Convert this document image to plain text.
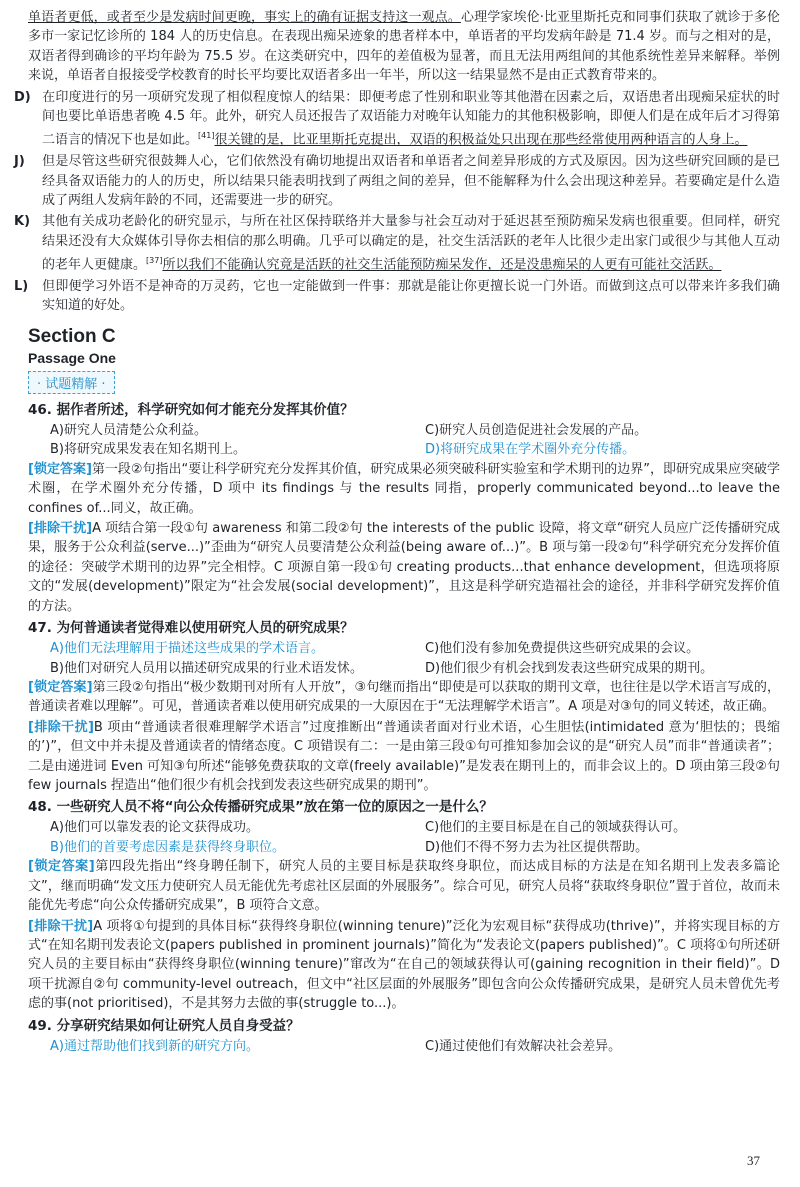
单语者更低，或者至少是发病时间更晚，事实上的确有证据支持这一观点。心理学家埃伦·比亚里斯托克和同事们获取了就诊于多伦多市一家记忆诊所的 184 人的历史信息。在表现出痴呆迹象的患者样本中，单语者的平均发病年龄是 71.4 岁。而与之相对的是，双语者得到确诊的平均年龄为 75.5 岁。在这类研究中，四年的差值极为显著，而且无法用两组间的其他系统性差异来解释。举例来说，单语者自报接受学校教育的时长平均要比双语者多出一年半，所以这一结果显然不是由正式教育带来的。

D) 在印度进行的另一项研究发现了相似程度惊人的结果：即便考虑了性别和职业等其他潜在因素之后，双语患者出现痴呆症状的时间也要比单语患者晚 4.5 年。此外，研究人员还报告了双语能力对晚年认知能力的其他积极影响，即便人们是在成年后才习得第二语言的情况下也是如此。[41]很关键的是，比亚里斯托克提出，双语的积极益处只出现在那些经常使用两种语言的人身上。

J) 但是尽管这些研究很鼓舞人心，它们依然没有确切地提出双语者和单语者之间差异形成的方式及原因。因为这些研究回顾的是已经具备双语能力的人的历史，所以结果只能表明找到了两组之间的差异，但不能解释为什么会出现这种差异。若要确定是什么造成了两组人发病年龄的不同，还需要进一步的研究。

K) 其他有关成功老龄化的研究显示，与所在社区保持联络并大量参与社会互动对于延迟甚至预防痴呆发病也很重要。但同样，研究结果还没有大众媒体引导你去相信的那么明确。几乎可以确定的是，社交生活活跃的老年人比很少走出家门或很少与其他人互动的老年人更健康。[37]所以我们不能确认究竟是活跃的社交生活能预防痴呆发作，还是没患痴呆的人更有可能社交活跃。

L) 但即便学习外语不是神奇的万灵药，它也一定能做到一件事：那就是能让你更擅长说一门外语。而做到这点可以带来许多我们确实知道的好处。

Section C
Passage One
· 试题精解 ·
46. 据作者所述，科学研究如何才能充分发挥其价值？
A)研究人员清楚公众利益。	C)研究人员创造促进社会发展的产品。
B)将研究成果发表在知名期刊上。	D)将研究成果在学术圈外充分传播。

[锁定答案]第一段②句指出“要让科学研究充分发挥其价值，研究成果必须突破科研实验室和学术期刊的边界”，即研究成果应突破学术圈，在学术圈外充分传播，D 项中 its findings 与 the results 同指，properly communicated beyond...to leave the confines of...同义，故正确。

[排除干扰]A 项结合第一段①句 awareness 和第二段②句 the interests of the public 设障，将文章“研究人员应广泛传播研究成果，服务于公众利益(serve...)”歪曲为“研究人员要清楚公众利益(being aware of...)”。B 项与第一段②句“科学研究充分发挥价值的途径：突破学术期刊的边界”完全相悖。C 项源自第一段①句 creating products...that enhance development，但选项将原文的“发展(development)”限定为“社会发展(social development)”，且这是科学研究造福社会的途径，并非科学研究发挥价值的方法。

47. 为何普通读者觉得难以使用研究人员的研究成果？
A)他们无法理解用于描述这些成果的学术语言。	C)他们没有参加免费提供这些研究成果的会议。
B)他们对研究人员用以描述研究成果的行业术语发怵。	D)他们很少有机会找到发表这些研究成果的期刊。

[锁定答案]第三段②句指出“极少数期刊对所有人开放”，③句继而指出“即使是可以获取的期刊文章，也往往是以学术语言写成的，普通读者难以理解”。可见，普通读者难以使用研究成果的一大原因在于“无法理解学术语言”。A 项是对③句的同义转述，故正确。

[排除干扰]B 项由“普通读者很难理解学术语言”过度推断出“普通读者面对行业术语，心生胆怯(intimidated 意为‘胆怯的；畏缩的’)”，但文中并未提及普通读者的情绪态度。C 项错误有二：一是由第三段①句可推知参加会议的是“研究人员”而非“普通读者”；二是由递进词 Even 可知③句所述“能够免费获取的文章(freely available)”是发表在期刊上的，而非会议上的。D 项由第三段②句 few journals 捏造出“他们很少有机会找到发表这些研究成果的期刊”。

48. 一些研究人员不将“向公众传播研究成果”放在第一位的原因之一是什么？
A)他们可以靠发表的论文获得成功。	C)他们的主要目标是在自己的领域获得认可。
B)他们的首要考虑因素是获得终身职位。	D)他们不得不努力去为社区提供帮助。

[锁定答案]第四段先指出“终身聘任制下，研究人员的主要目标是获取终身职位，而达成目标的方法是在知名期刊上发表多篇论文”，继而明确“发文压力使研究人员无能优先考虑社区层面的外展服务”。综合可见，研究人员将“获取终身职位”置于首位，故而未能优先考虑“向公众传播研究成果”，B 项符合文意。

[排除干扰]A 项将①句提到的具体目标“获得终身职位(winning tenure)”泛化为宏观目标“获得成功(thrive)”，并将实现目标的方式“在知名期刊发表论文(papers published in prominent journals)”简化为“发表论文(papers published)”。C 项将①句所述研究人员的主要目标由“获得终身职位(winning tenure)”窜改为“在自己的领域获得认可(gaining recognition in their field)”。D 项干扰源自②句 community-level outreach，但文中“社区层面的外展服务”即包含向公众传播研究成果，是研究人员未曾优先考虑的事(not prioritised)，不是其努力去做的事(struggle to...)。

49. 分享研究结果如何让研究人员自身受益？
A)通过帮助他们找到新的研究方向。	C)通过使他们有效解决社会差异。
37
